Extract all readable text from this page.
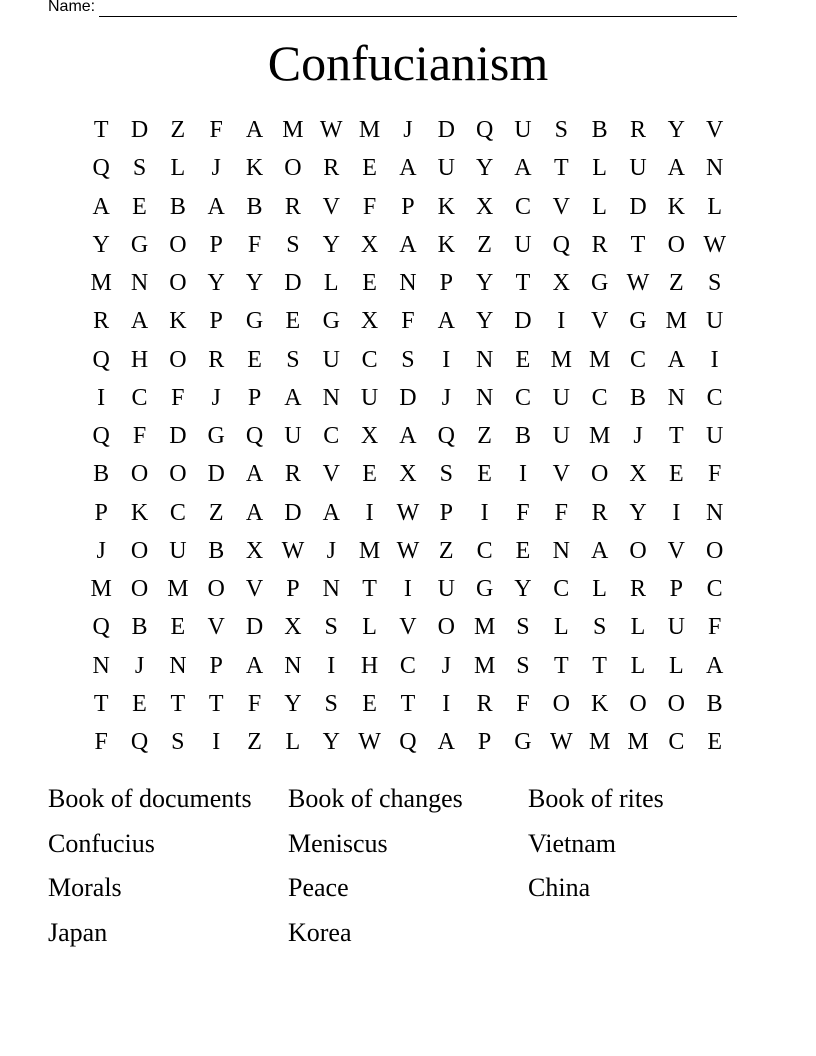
Name:
Confucianism
T D Z	F A M W M J	D Q U S B R Y V
Q S	L	J	K O R E A U Y A T L U A N
A E B A B R V F	P K X C V L D K L
Y G O P	F	S Y X A K Z U Q R T O W
M N O Y Y D L E N P Y T X G W Z	S
R A K P G E G X F A Y D	I	V G M U
Q H O R E	S U C S	I	N E M M C A	I
I	C F	J	P A N U D	J	N C U C B N C
Q F D G Q U C X A Q Z B U M J	T U
B O O D A R V E X S	E	I	V O X E	F
P K C Z A D A	I W P	I	F	F R Y	I	N
J	O U B X W J M W Z C E N A O V O
M O M O V P N T	I	U G Y C L R P C
Q B E V D X S	L V O M S	L	S	L U F
N	J	N P A N	I	H C	J M S	T T L L A
T E T T	F Y S	E T	I	R F O K O O B
F Q S	I	Z L Y W Q A P G W M M C E
Book of documents	Book of changes	Book of rites
Confucius	Meniscus	Vietnam
Morals	Peace	China
Japan	Korea
